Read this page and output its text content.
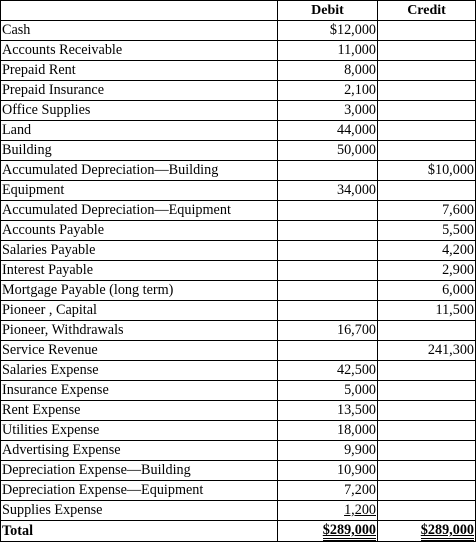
	Debit	Credit
Cash	$12,000	
Accounts Receivable	11,000	
Prepaid Rent	8,000	
Prepaid Insurance	2,100	
Office Supplies	3,000	
Land	44,000	
Building	50,000	
Accumulated Depreciation—Building		$10,000
Equipment	34,000	
Accumulated Depreciation—Equipment		7,600
Accounts Payable		5,500
Salaries Payable		4,200
Interest Payable		2,900
Mortgage Payable (long term)		6,000
Pioneer , Capital		11,500
Pioneer, Withdrawals	16,700	
Service Revenue		241,300
Salaries Expense	42,500	
Insurance Expense	5,000	
Rent Expense	13,500	
Utilities Expense	18,000	
Advertising Expense	9,900	
Depreciation Expense—Building	10,900	
Depreciation Expense—Equipment	7,200	
Supplies Expense	1,200	
Total	$289,000	$289,000
